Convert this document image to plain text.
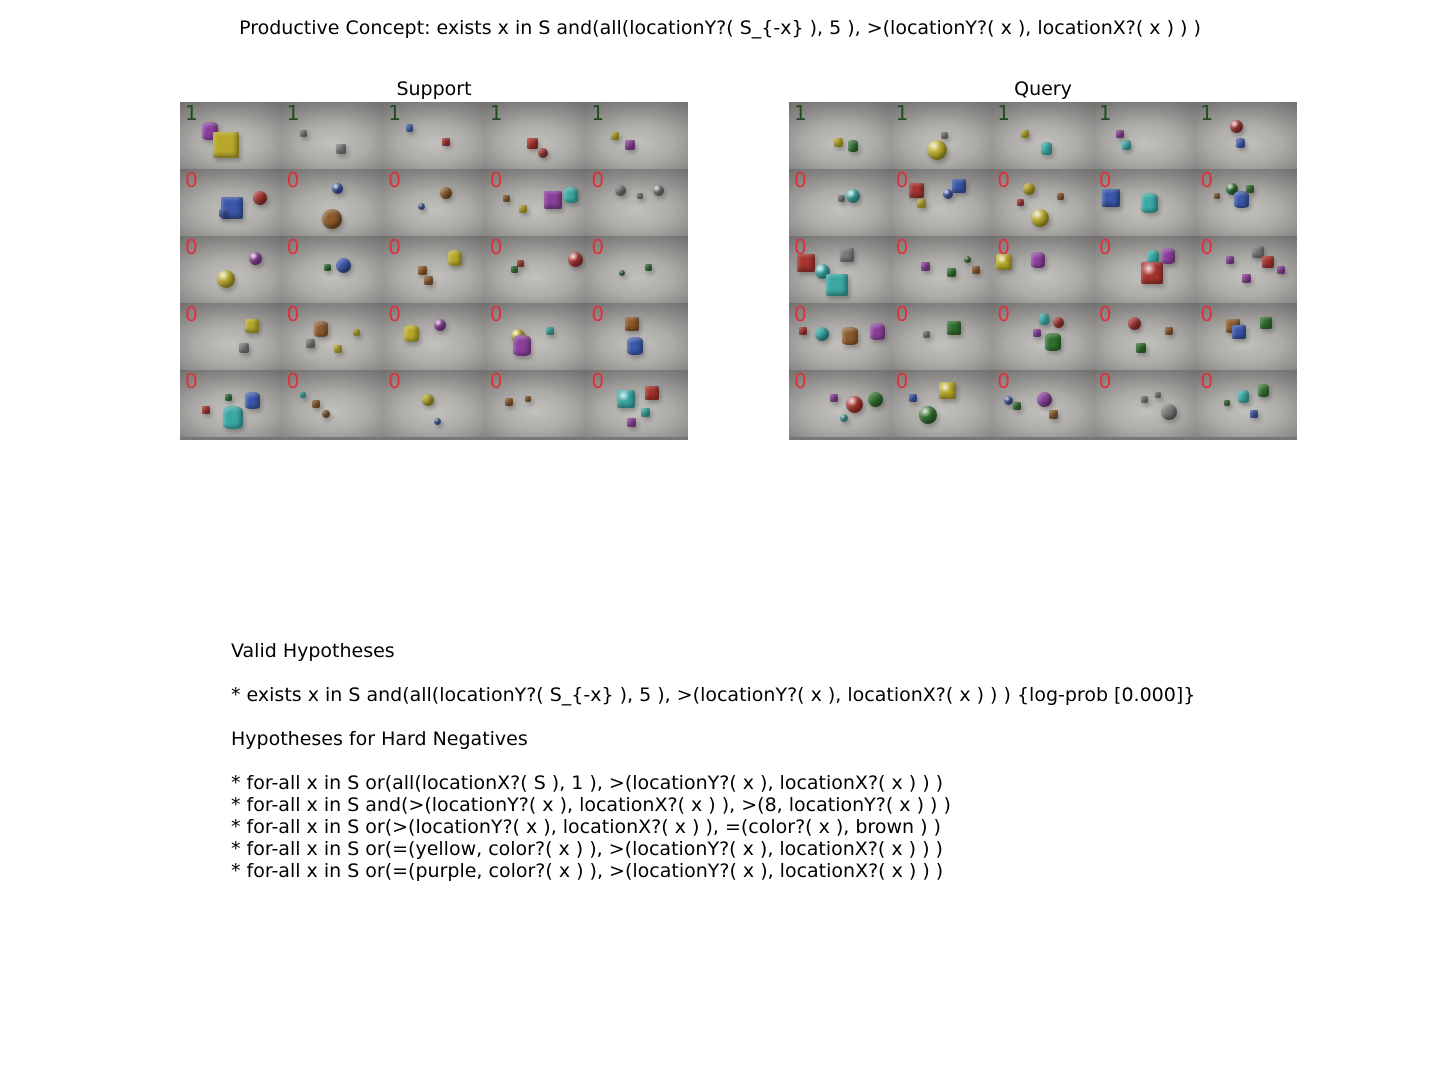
Productive Concept: exists x in S and(all(locationY?( S_{-x} ), 5 ), >(locationY?( x ), locationX?( x ) ) )
Support
1	1	1	1	1
0	0	0	0	0
0	0	0	0	0
0	0	0	0	0
0	0	0	0	0
Query
1	1	1	1	1
0	0	0	0	0
0	0	0	0	0
0	0	0	0	0
0	0	0	0	0
Valid Hypotheses
* exists x in S and(all(locationY?( S_{-x} ), 5 ), >(locationY?( x ), locationX?( x ) ) ) {log-prob [0.000]}
Hypotheses for Hard Negatives
* for-all x in S or(all(locationX?( S ), 1 ), >(locationY?( x ), locationX?( x ) ) )
* for-all x in S and(>(locationY?( x ), locationX?( x ) ), >(8, locationY?( x ) ) )
* for-all x in S or(>(locationY?( x ), locationX?( x ) ), =(color?( x ), brown ) )
* for-all x in S or(=(yellow, color?( x ) ), >(locationY?( x ), locationX?( x ) ) )
* for-all x in S or(=(purple, color?( x ) ), >(locationY?( x ), locationX?( x ) ) )
